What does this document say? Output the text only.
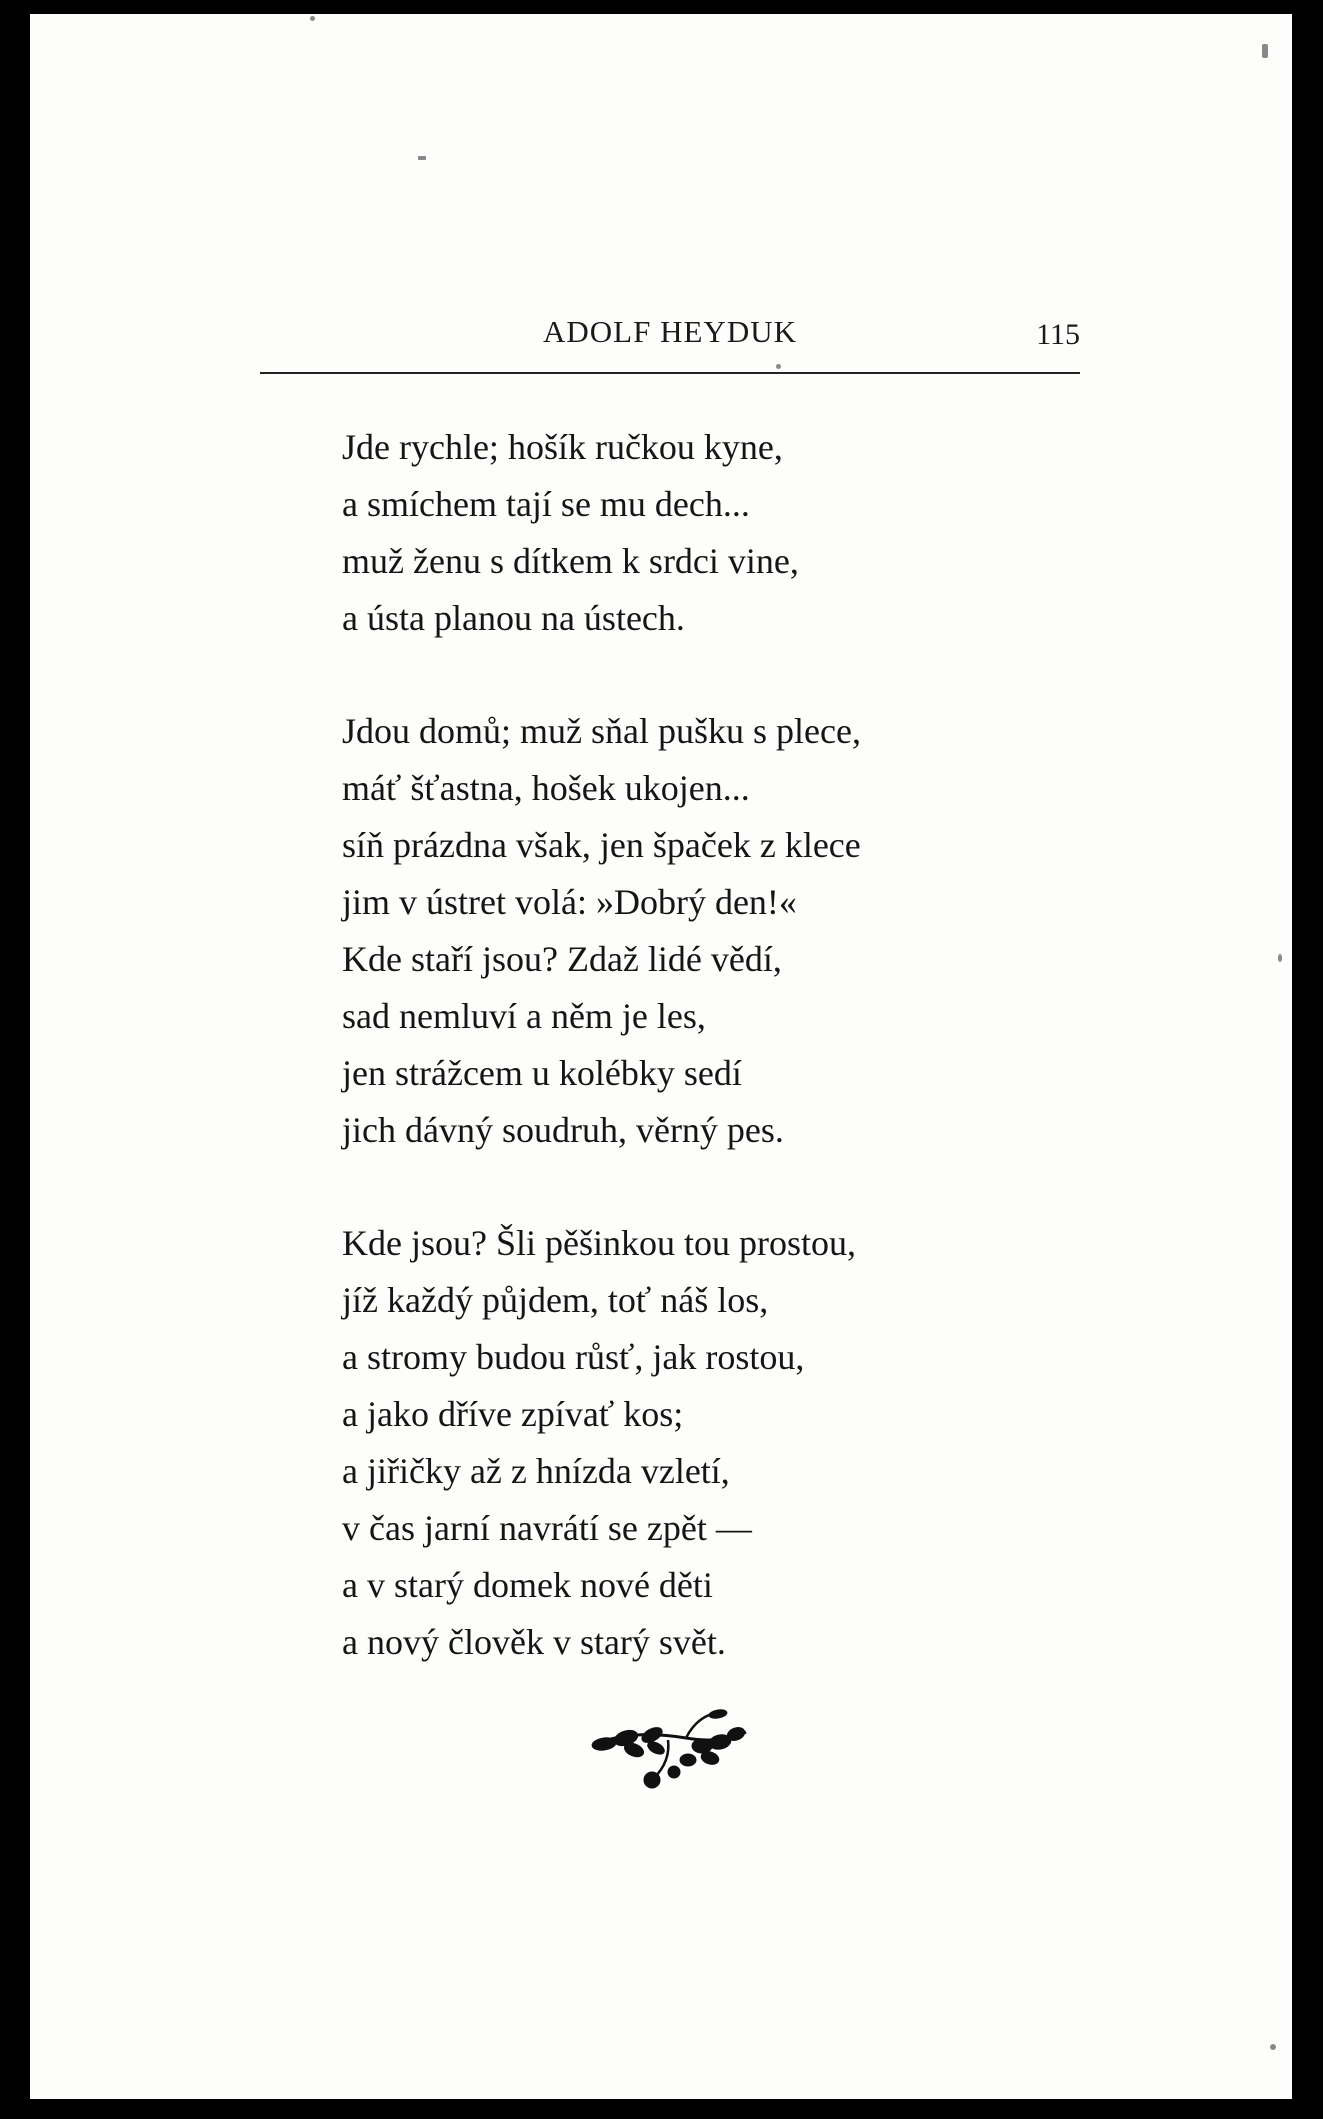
ADOLF HEYDUK	115
Jde rychle; hošík ručkou kyne,
a smíchem tají se mu dech...
muž ženu s dítkem k srdci vine,
a ústa planou na ústech.
Jdou domů; muž sňal pušku s plece,
máť šťastna, hošek ukojen...
síň prázdna však, jen špaček z klece
jim v ústret volá: »Dobrý den!«
Kde staří jsou? Zdaž lidé vědí,
sad nemluví a něm je les,
jen strážcem u kolébky sedí
jich dávný soudruh, věrný pes.
Kde jsou? Šli pěšinkou tou prostou,
jíž každý půjdem, toť náš los,
a stromy budou růsť, jak rostou,
a jako dříve zpívať kos;
a jiřičky až z hnízda vzletí,
v čas jarní navrátí se zpět —
a v starý domek nové děti
a nový člověk v starý svět.
